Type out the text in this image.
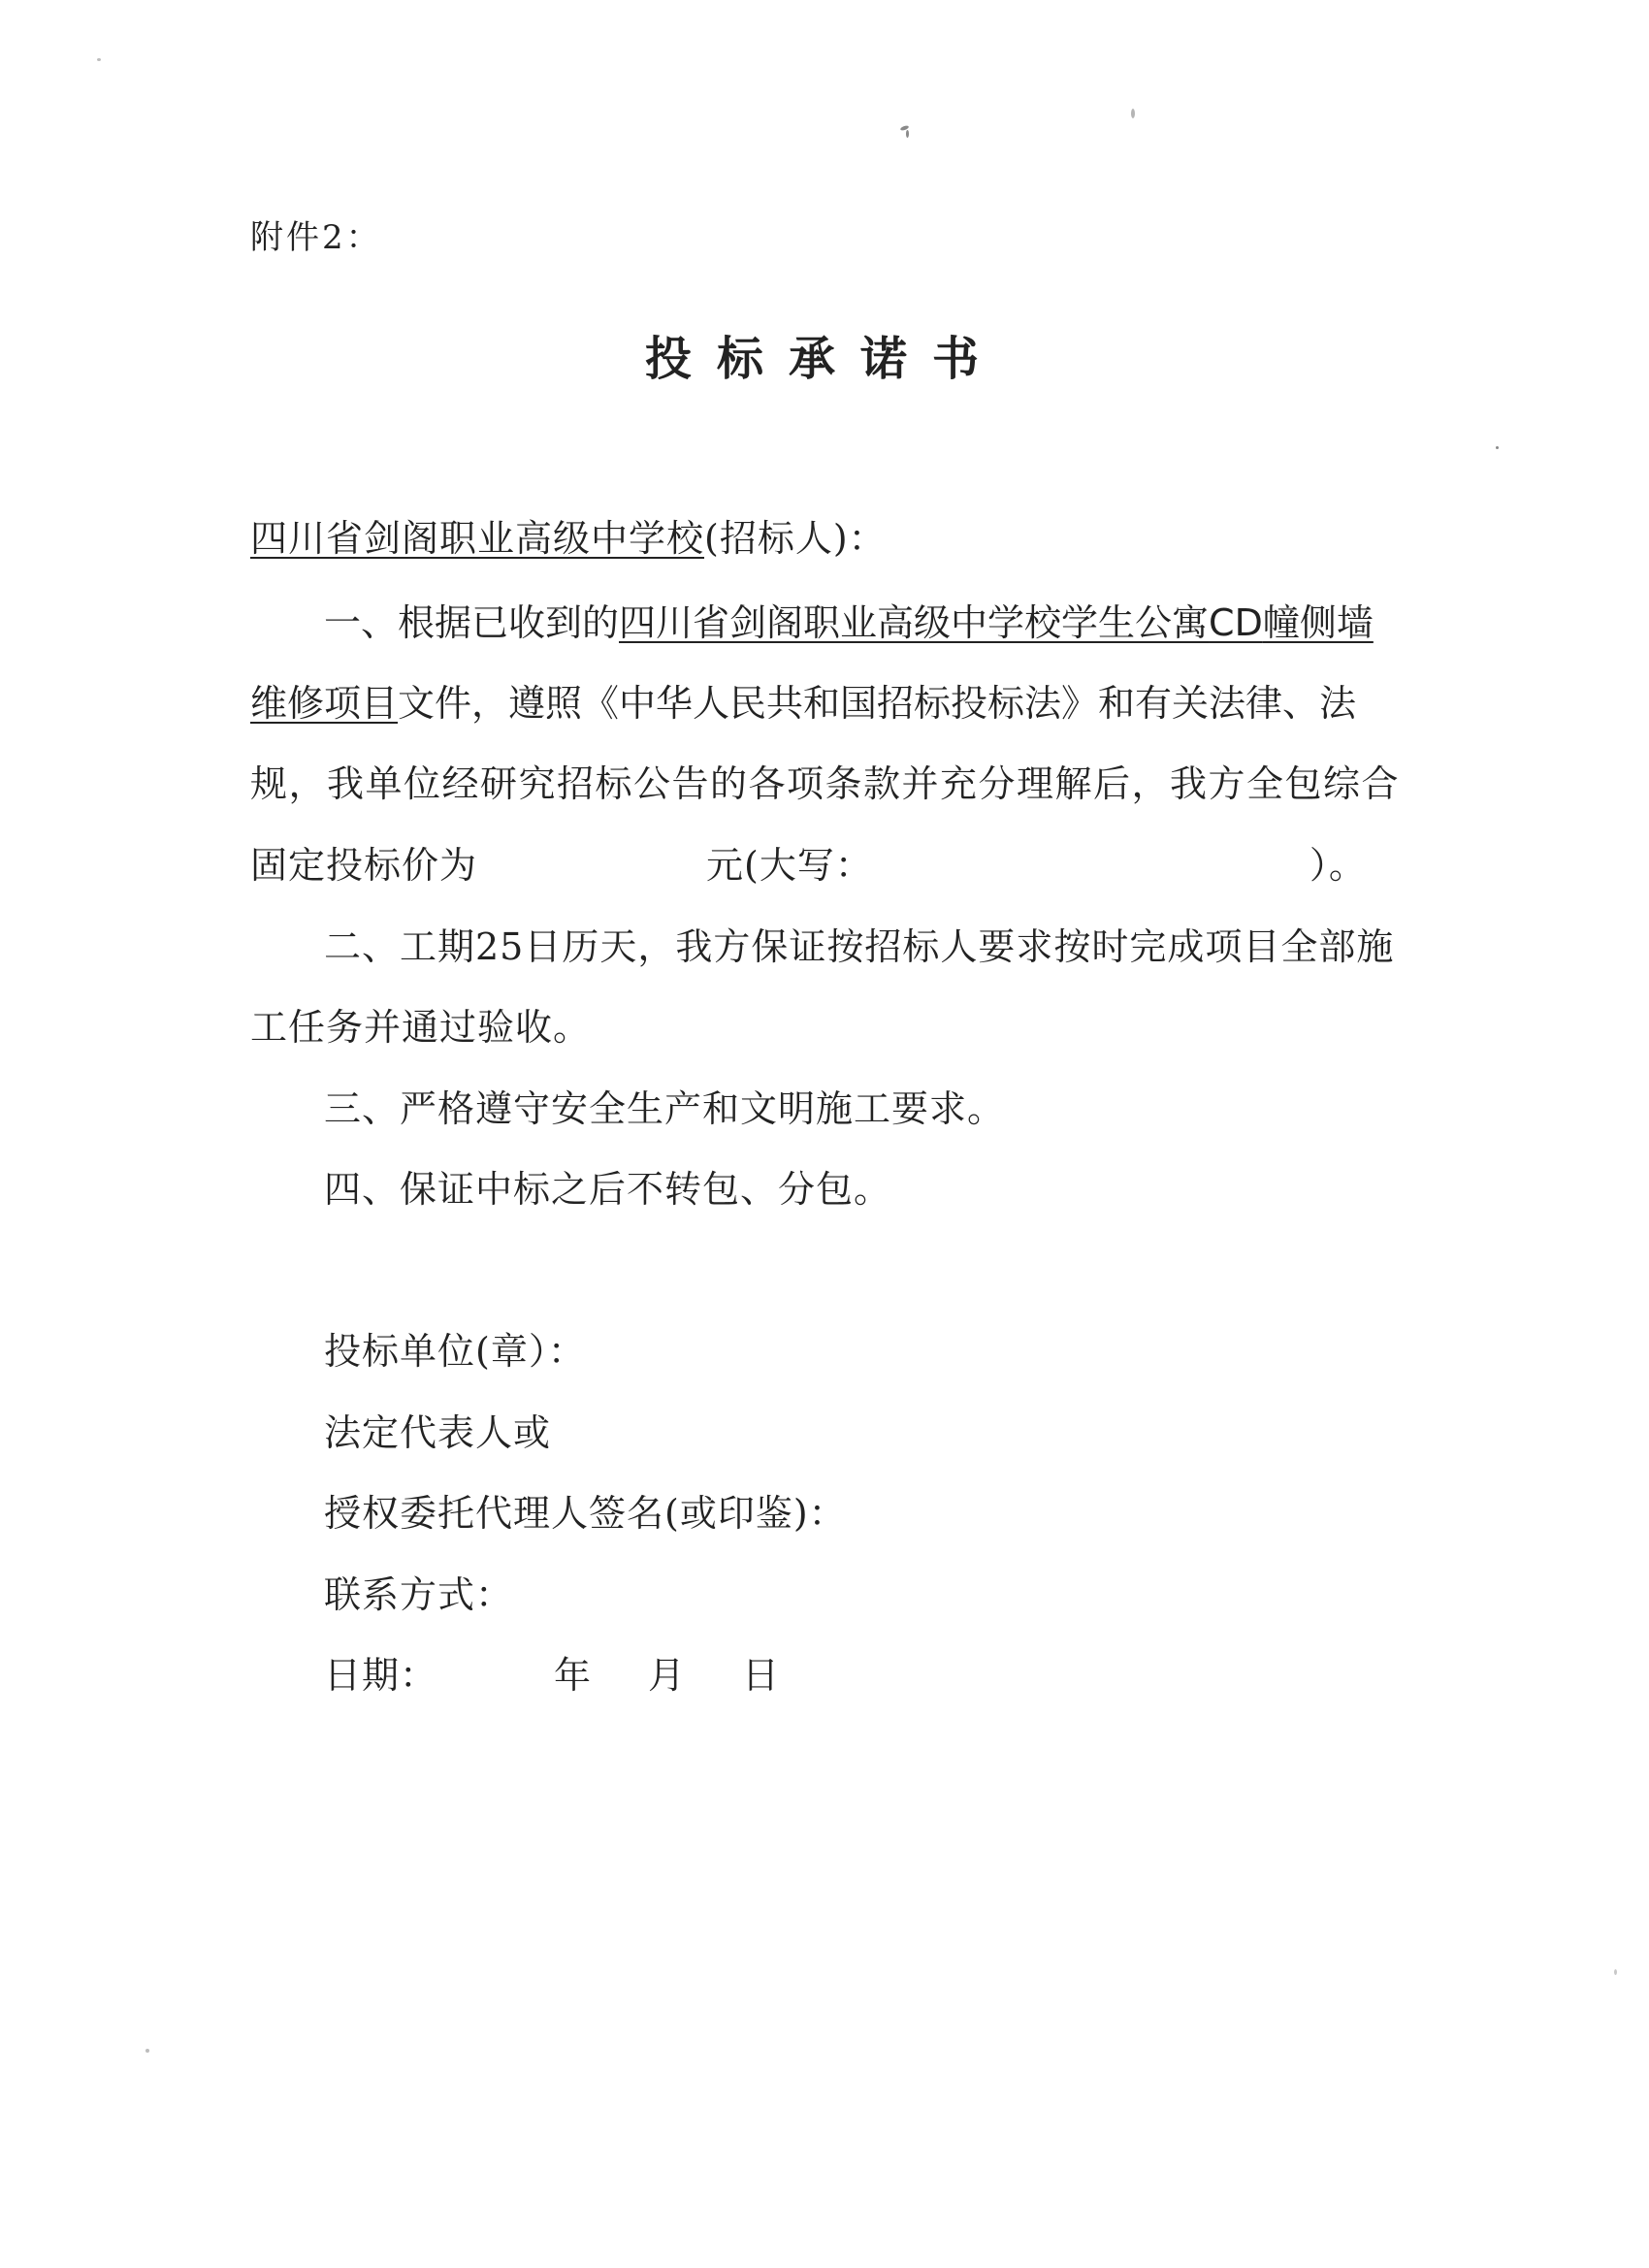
附件2：
投标承诺书
四川省剑阁职业高级中学校(招标人)：
一、根据已收到的四川省剑阁职业高级中学校学生公寓CD幢侧墙
维修项目文件，遵照《中华人民共和国招标投标法》和有关法律、法
规，我单位经研究招标公告的各项条款并充分理解后，我方全包综合
固定投标价为	元(大写：	）。
二、工期25日历天，我方保证按招标人要求按时完成项目全部施
工任务并通过验收。
三、严格遵守安全生产和文明施工要求。
四、保证中标之后不转包、分包。
投标单位(章）：
法定代表人或
授权委托代理人签名(或印鉴)：
联系方式：
日期：	年 月 日
